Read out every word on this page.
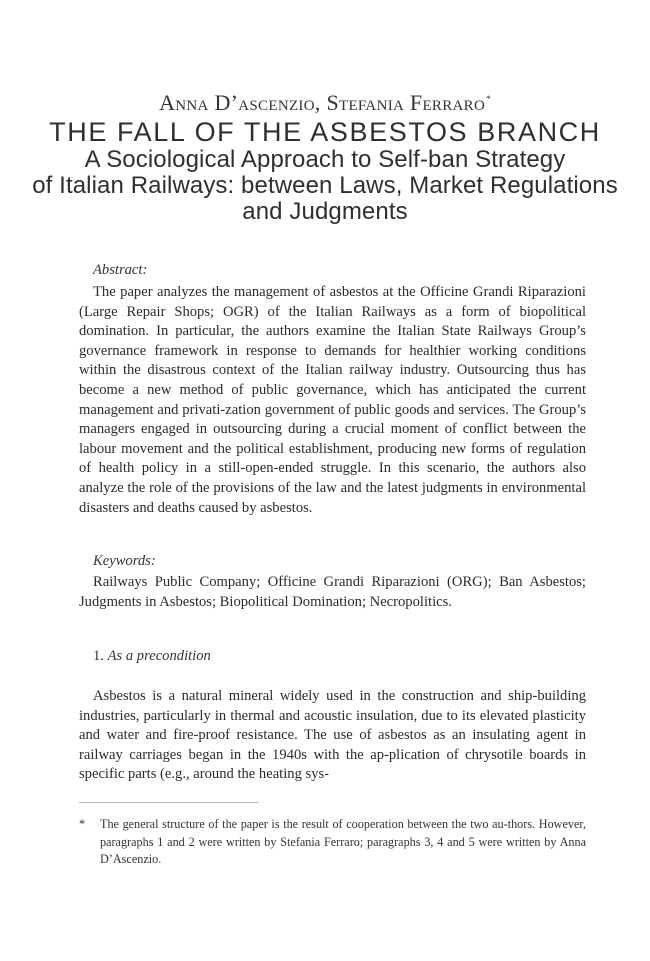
Anna D’ascenzio, Stefania Ferraro*
THE FALL OF THE ASBESTOS BRANCH
A Sociological Approach to Self-ban Strategy
of Italian Railways: between Laws, Market Regulations
and Judgments
Abstract:
The paper analyzes the management of asbestos at the Officine Grandi Riparazioni (Large Repair Shops; OGR) of the Italian Railways as a form of biopolitical domination. In particular, the authors examine the Italian State Railways Group’s governance framework in response to demands for healthier working conditions within the disastrous context of the Italian railway industry. Outsourcing thus has become a new method of public governance, which has anticipated the current management and privati-zation government of public goods and services. The Group’s managers engaged in outsourcing during a crucial moment of conflict between the labour movement and the political establishment, producing new forms of regulation of health policy in a still-open-ended struggle. In this scenario, the authors also analyze the role of the provisions of the law and the latest judgments in environmental disasters and deaths caused by asbestos.
Keywords:
Railways Public Company; Officine Grandi Riparazioni (ORG); Ban Asbestos; Judgments in Asbestos; Biopolitical Domination; Necropolitics.
1. As a precondition
Asbestos is a natural mineral widely used in the construction and ship-building industries, particularly in thermal and acoustic insulation, due to its elevated plasticity and water and fire-proof resistance. The use of asbestos as an insulating agent in railway carriages began in the 1940s with the ap-plication of chrysotile boards in specific parts (e.g., around the heating sys-
* The general structure of the paper is the result of cooperation between the two au-thors. However, paragraphs 1 and 2 were written by Stefania Ferraro; paragraphs 3, 4 and 5 were written by Anna D’Ascenzio.
